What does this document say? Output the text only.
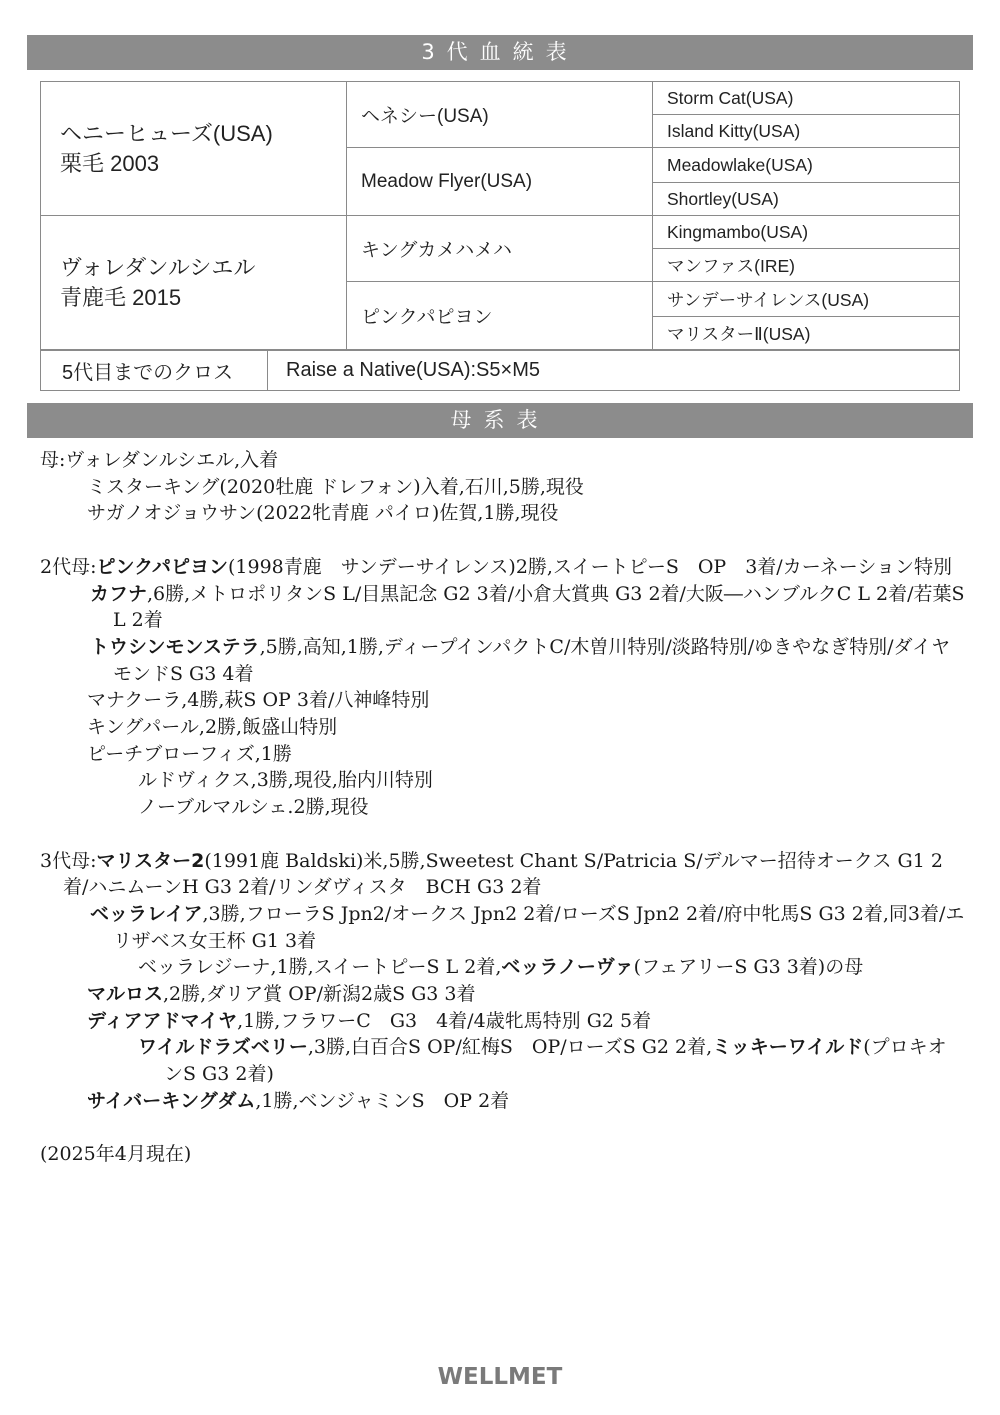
3代血統表
ヘニーヒューズ(USA)
栗毛 2003	ヘネシー(USA)	Storm Cat(USA)
		Island Kitty(USA)
	Meadow Flyer(USA)	Meadowlake(USA)
		Shortley(USA)

ヴォレダンルシエル
青鹿毛 2015	キングカメハメハ	Kingmambo(USA)
		マンファス(IRE)
	ピンクパピヨン	サンデーサイレンス(USA)
		マリスターⅡ(USA)
5代目までのクロス	Raise a Native(USA):S5×M5
母系表

母:ヴォレダンルシエル,入着

ミスターキング(2020牡鹿 ドレフォン)入着,石川,5勝,現役

サガノオジョウサン(2022牝青鹿 パイロ)佐賀,1勝,現役

2代母:ピンクパピヨン(1998青鹿　サンデーサイレンス)2勝,スイートピーS　OP　3着/カーネーション特別

カフナ,6勝,メトロポリタンS L/目黒記念 G2 3着/小倉大賞典 G3 2着/大阪―ハンブルクC L 2着/若葉S L 2着

トウシンモンステラ,5勝,高知,1勝,ディープインパクトC/木曽川特別/淡路特別/ゆきやなぎ特別/ダイヤモンドS G3 4着

マナクーラ,4勝,萩S OP 3着/八神峰特別

キングパール,2勝,飯盛山特別

ピーチブローフィズ,1勝

ルドヴィクス,3勝,現役,胎内川特別

ノーブルマルシェ.2勝,現役

3代母:マリスター2(1991鹿 Baldski)米,5勝,Sweetest Chant S/Patricia S/デルマー招待オークス G1 2着/ハニムーンH G3 2着/リンダヴィスタ　BCH G3 2着

ベッラレイア,3勝,フローラS Jpn2/オークス Jpn2 2着/ローズS Jpn2 2着/府中牝馬S G3 2着,同3着/エリザベス女王杯 G1 3着

ベッラレジーナ,1勝,スイートピーS L 2着,ベッラノーヴァ(フェアリーS G3 3着)の母

マルロス,2勝,ダリア賞 OP/新潟2歳S G3 3着

ディアアドマイヤ,1勝,フラワーC　G3　4着/4歳牝馬特別 G2 5着

ワイルドラズベリー,3勝,白百合S OP/紅梅S　OP/ローズS G2 2着,ミッキーワイルド(プロキオンS G3 2着)

サイバーキングダム,1勝,ベンジャミンS　OP 2着

(2025年4月現在)

WELLMET
